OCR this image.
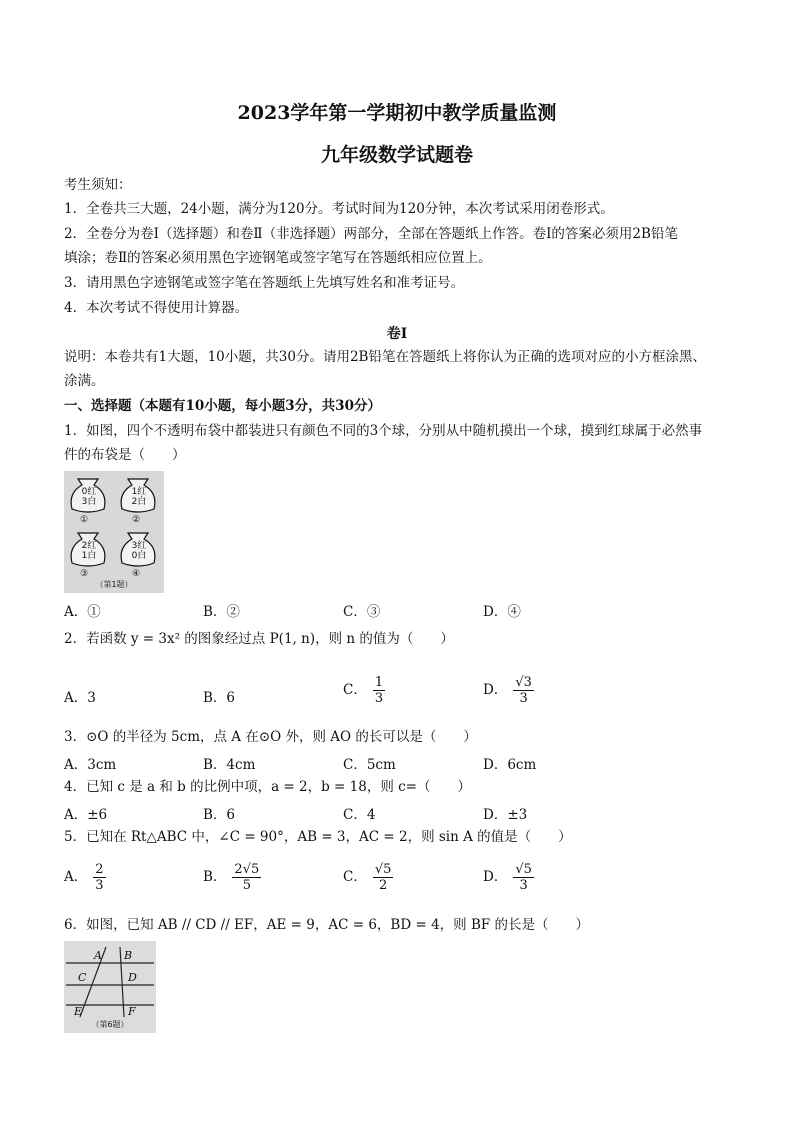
2023学年第一学期初中教学质量监测
九年级数学试题卷
考生须知：
1．全卷共三大题，24小题，满分为120分。考试时间为120分钟，本次考试采用闭卷形式。
2．全卷分为卷Ⅰ（选择题）和卷Ⅱ（非选择题）两部分，全部在答题纸上作答。卷Ⅰ的答案必须用2B铅笔
填涂；卷Ⅱ的答案必须用黑色字迹钢笔或签字笔写在答题纸相应位置上。
3．请用黑色字迹钢笔或签字笔在答题纸上先填写姓名和准考证号。
4．本次考试不得使用计算器。
卷Ⅰ
说明：本卷共有1大题，10小题，共30分。请用2B铅笔在答题纸上将你认为正确的选项对应的小方框涂黑、
涂满。
一、选择题（本题有10小题，每小题3分，共30分）
1．如图，四个不透明布袋中都装进只有颜色不同的3个球，分别从中随机摸出一个球，摸到红球属于必然事
件的布袋是（　　）
0红
3白
1红
2白
2红
1白
3红
0白
①	②
③	④
（第1题）
A．①	B．②	C．③	D．④
2．若函数 y = 3x² 的图象经过点 P(1, n)，则 n 的值为（　　）
A．3	B．6	C． $\frac{1}{3}$	D． $\frac{√3}{3}$
3．⊙O 的半径为 5cm，点 A 在⊙O 外，则 AO 的长可以是（　　）
A．3cm	B．4cm	C．5cm	D．6cm
4．已知 c 是 a 和 b 的比例中项，a = 2，b = 18，则 c=（　　）
A．±6	B．6	C．4	D．±3
5．已知在 Rt△ABC 中，∠C = 90°，AB = 3，AC = 2，则 sin A 的值是（　　）
A． $\frac{2}{3}$	B． $\frac{2√5}{5}$	C． $\frac{√5}{2}$	D． $\frac{√5}{3}$
6．如图，已知 AB // CD // EF，AE = 9，AC = 6，BD = 4，则 BF 的长是（　　）
A B
C	D
E	F
（第6题）
